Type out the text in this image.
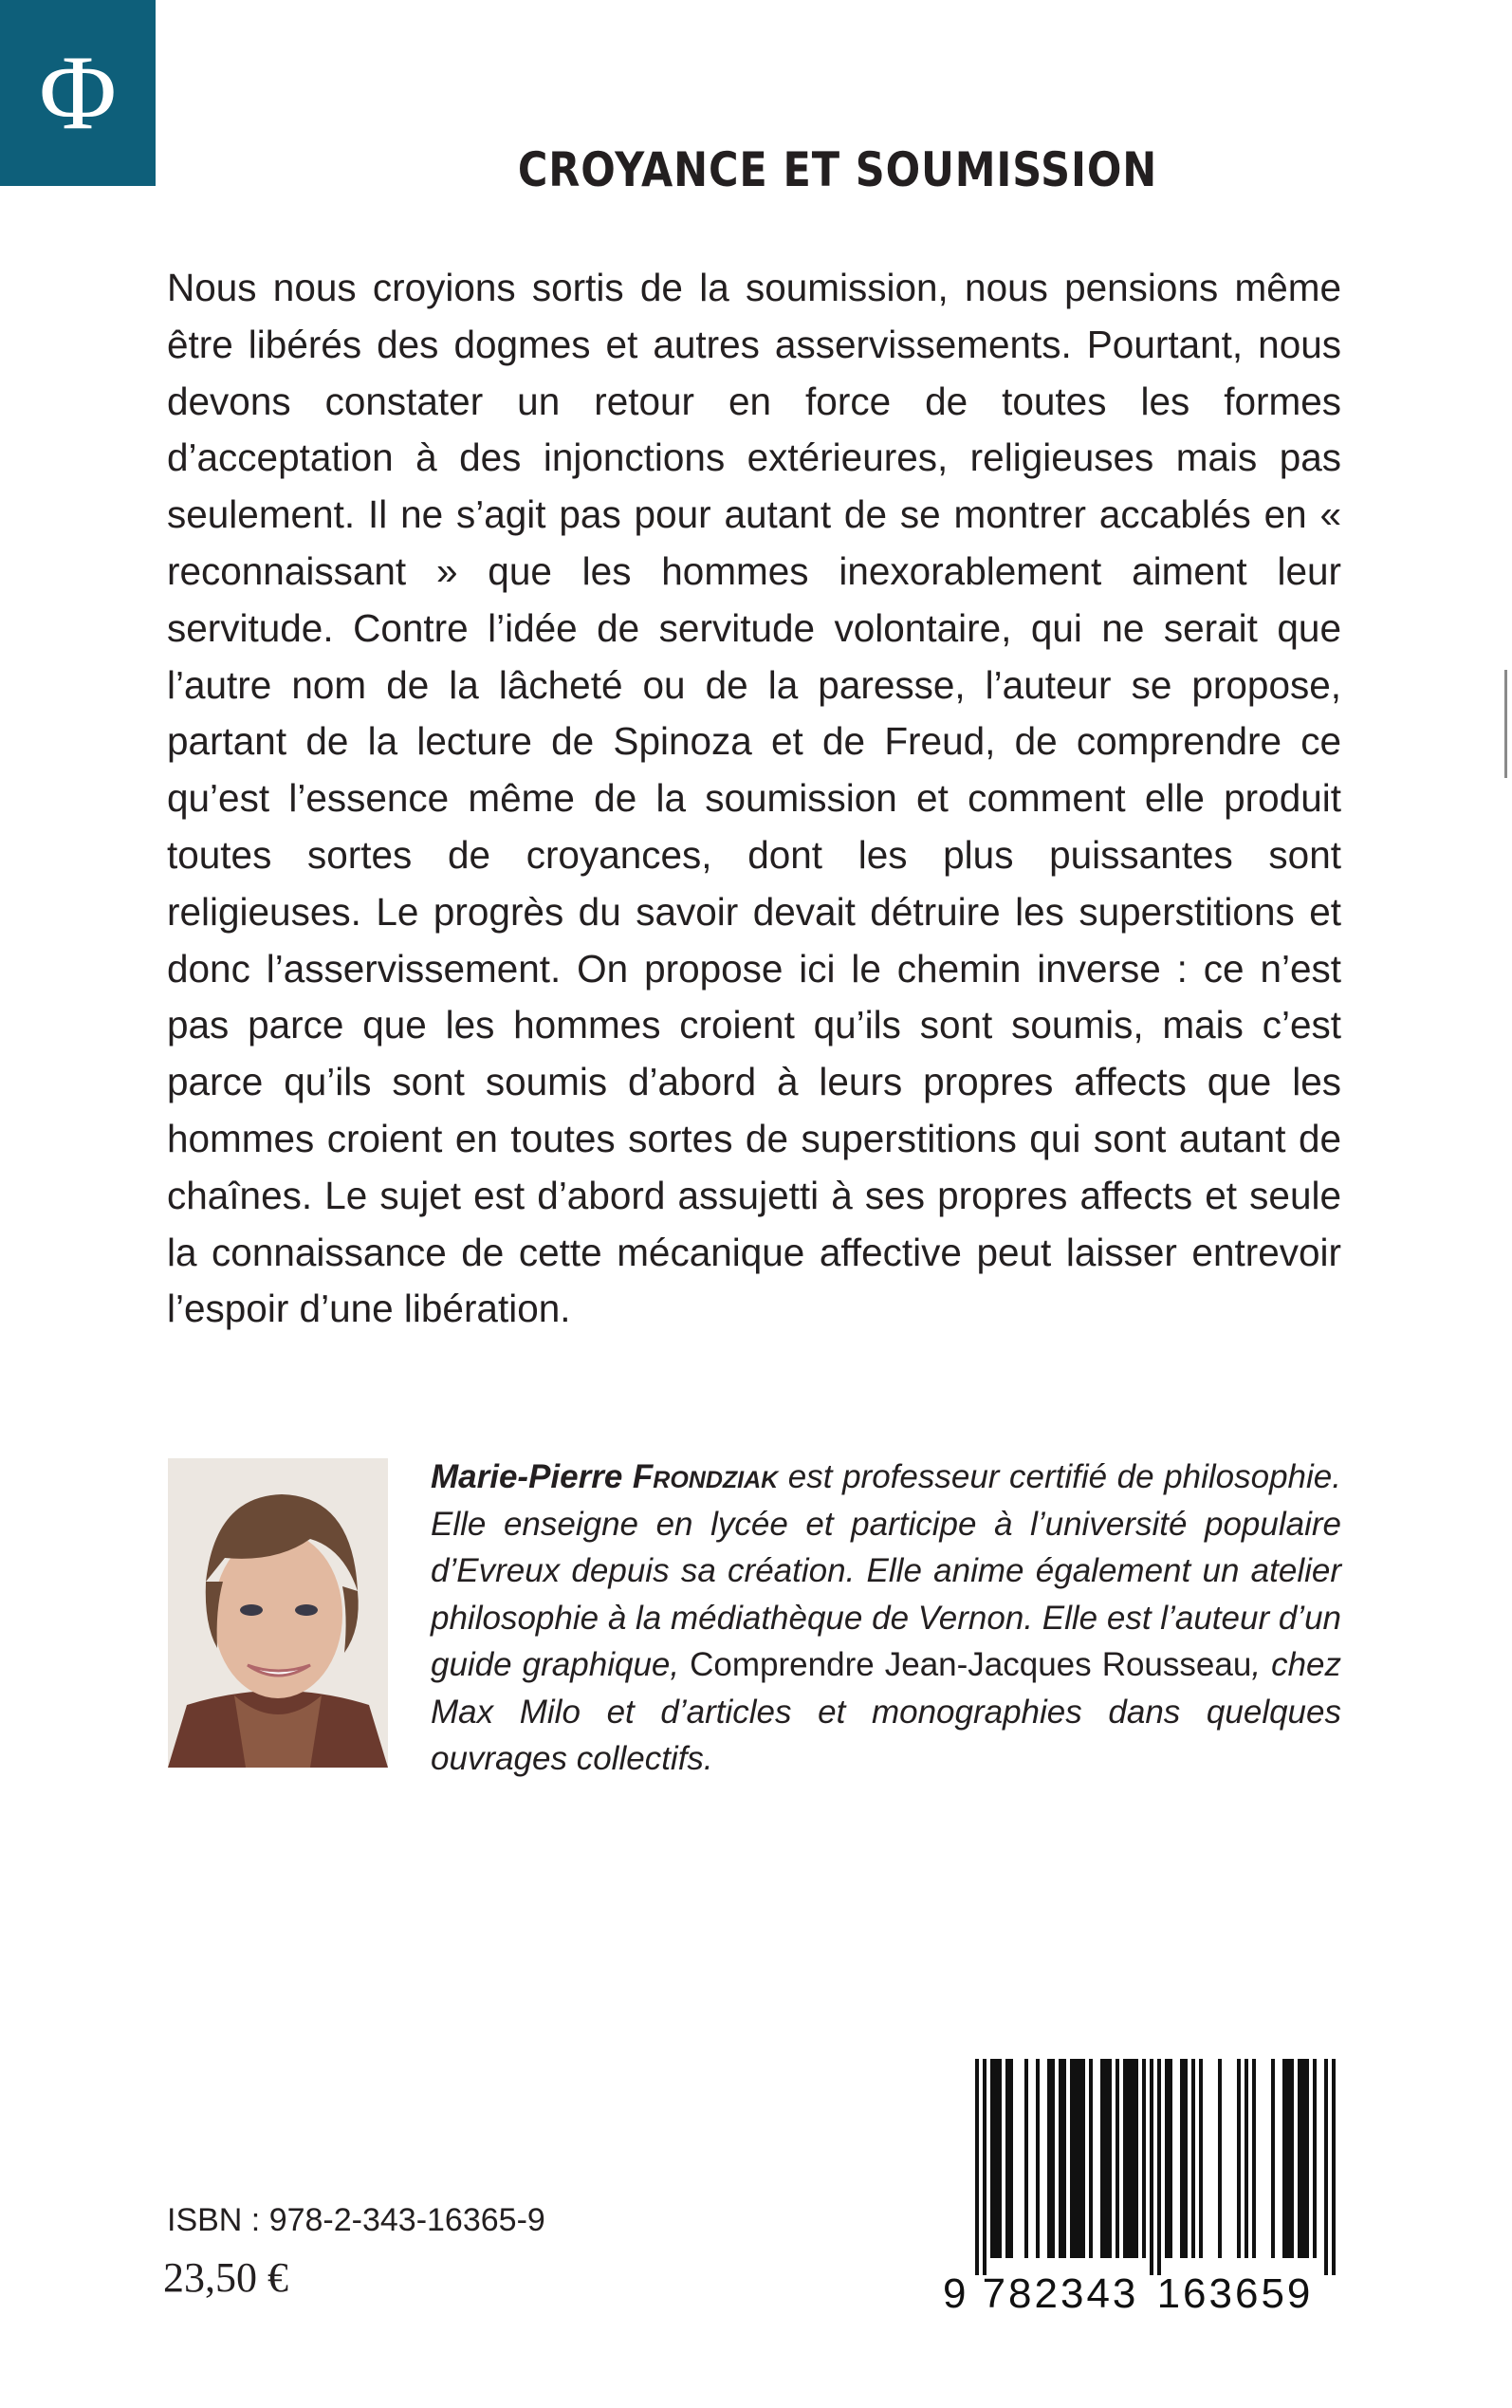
Φ
CROYANCE ET SOUMISSION

Nous nous croyions sortis de la soumission, nous pensions même être libérés des dogmes et autres asservissements. Pourtant, nous devons constater un retour en force de toutes les formes d’acceptation à des injonctions extérieures, religieuses mais pas seulement. Il ne s’agit pas pour autant de se montrer accablés en « reconnaissant » que les hommes inexorablement aiment leur servitude. Contre l’idée de servitude volontaire, qui ne serait que l’autre nom de la lâcheté ou de la paresse, l’auteur se propose, partant de la lecture de Spinoza et de Freud, de comprendre ce qu’est l’essence même de la soumission et comment elle produit toutes sortes de croyances, dont les plus puissantes sont religieuses. Le progrès du savoir devait détruire les superstitions et donc l’asservissement. On propose ici le chemin inverse : ce n’est pas parce que les hommes croient qu’ils sont soumis, mais c’est parce qu’ils sont soumis d’abord à leurs propres affects que les hommes croient en toutes sortes de superstitions qui sont autant de chaînes. Le sujet est d’abord assujetti à ses propres affects et seule la connaissance de cette mécanique affective peut laisser entrevoir l’espoir d’une libération.

Marie-Pierre Frondziak est professeur certifié de philosophie. Elle enseigne en lycée et participe à l’université populaire d’Evreux depuis sa création. Elle anime également un atelier philosophie à la médiathèque de Vernon. Elle est l’auteur d’un guide graphique, Comprendre Jean-Jacques Rousseau, chez Max Milo et d’articles et monographies dans quelques ouvrages collectifs.

9 782343 163659
ISBN : 978-2-343-16365-9
23,50 €
